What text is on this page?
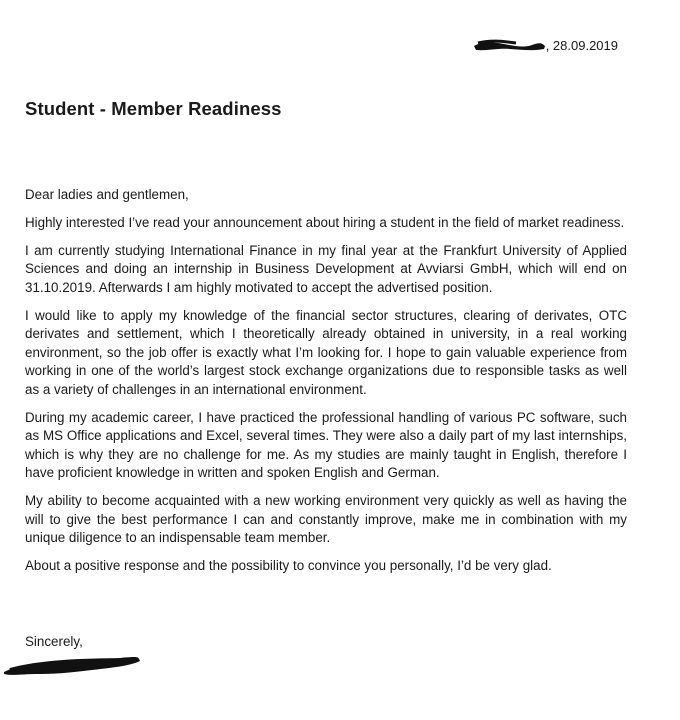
, 28.09.2019
Student - Member Readiness

Dear ladies and gentlemen,

Highly interested I’ve read your announcement about hiring a student in the field of market readiness.

I am currently studying International Finance in my final year at the Frankfurt University of Applied Sciences and doing an internship in Business Development at Avviarsi GmbH, which will end on 31.10.2019. Afterwards I am highly motivated to accept the advertised position.

I would like to apply my knowledge of the financial sector structures, clearing of derivates, OTC derivates and settlement, which I theoretically already obtained in university, in a real working environment, so the job offer is exactly what I’m looking for. I hope to gain valuable experience from working in one of the world’s largest stock exchange organizations due to responsible tasks as well as a variety of challenges in an international environment.

During my academic career, I have practiced the professional handling of various PC software, such as MS Office applications and Excel, several times. They were also a daily part of my last internships, which is why they are no challenge for me. As my studies are mainly taught in English, therefore I have proficient knowledge in written and spoken English and German.

My ability to become acquainted with a new working environment very quickly as well as having the will to give the best performance I can and constantly improve, make me in combination with my unique diligence to an indispensable team member.

About a positive response and the possibility to convince you personally, I’d be very glad.

Sincerely,
